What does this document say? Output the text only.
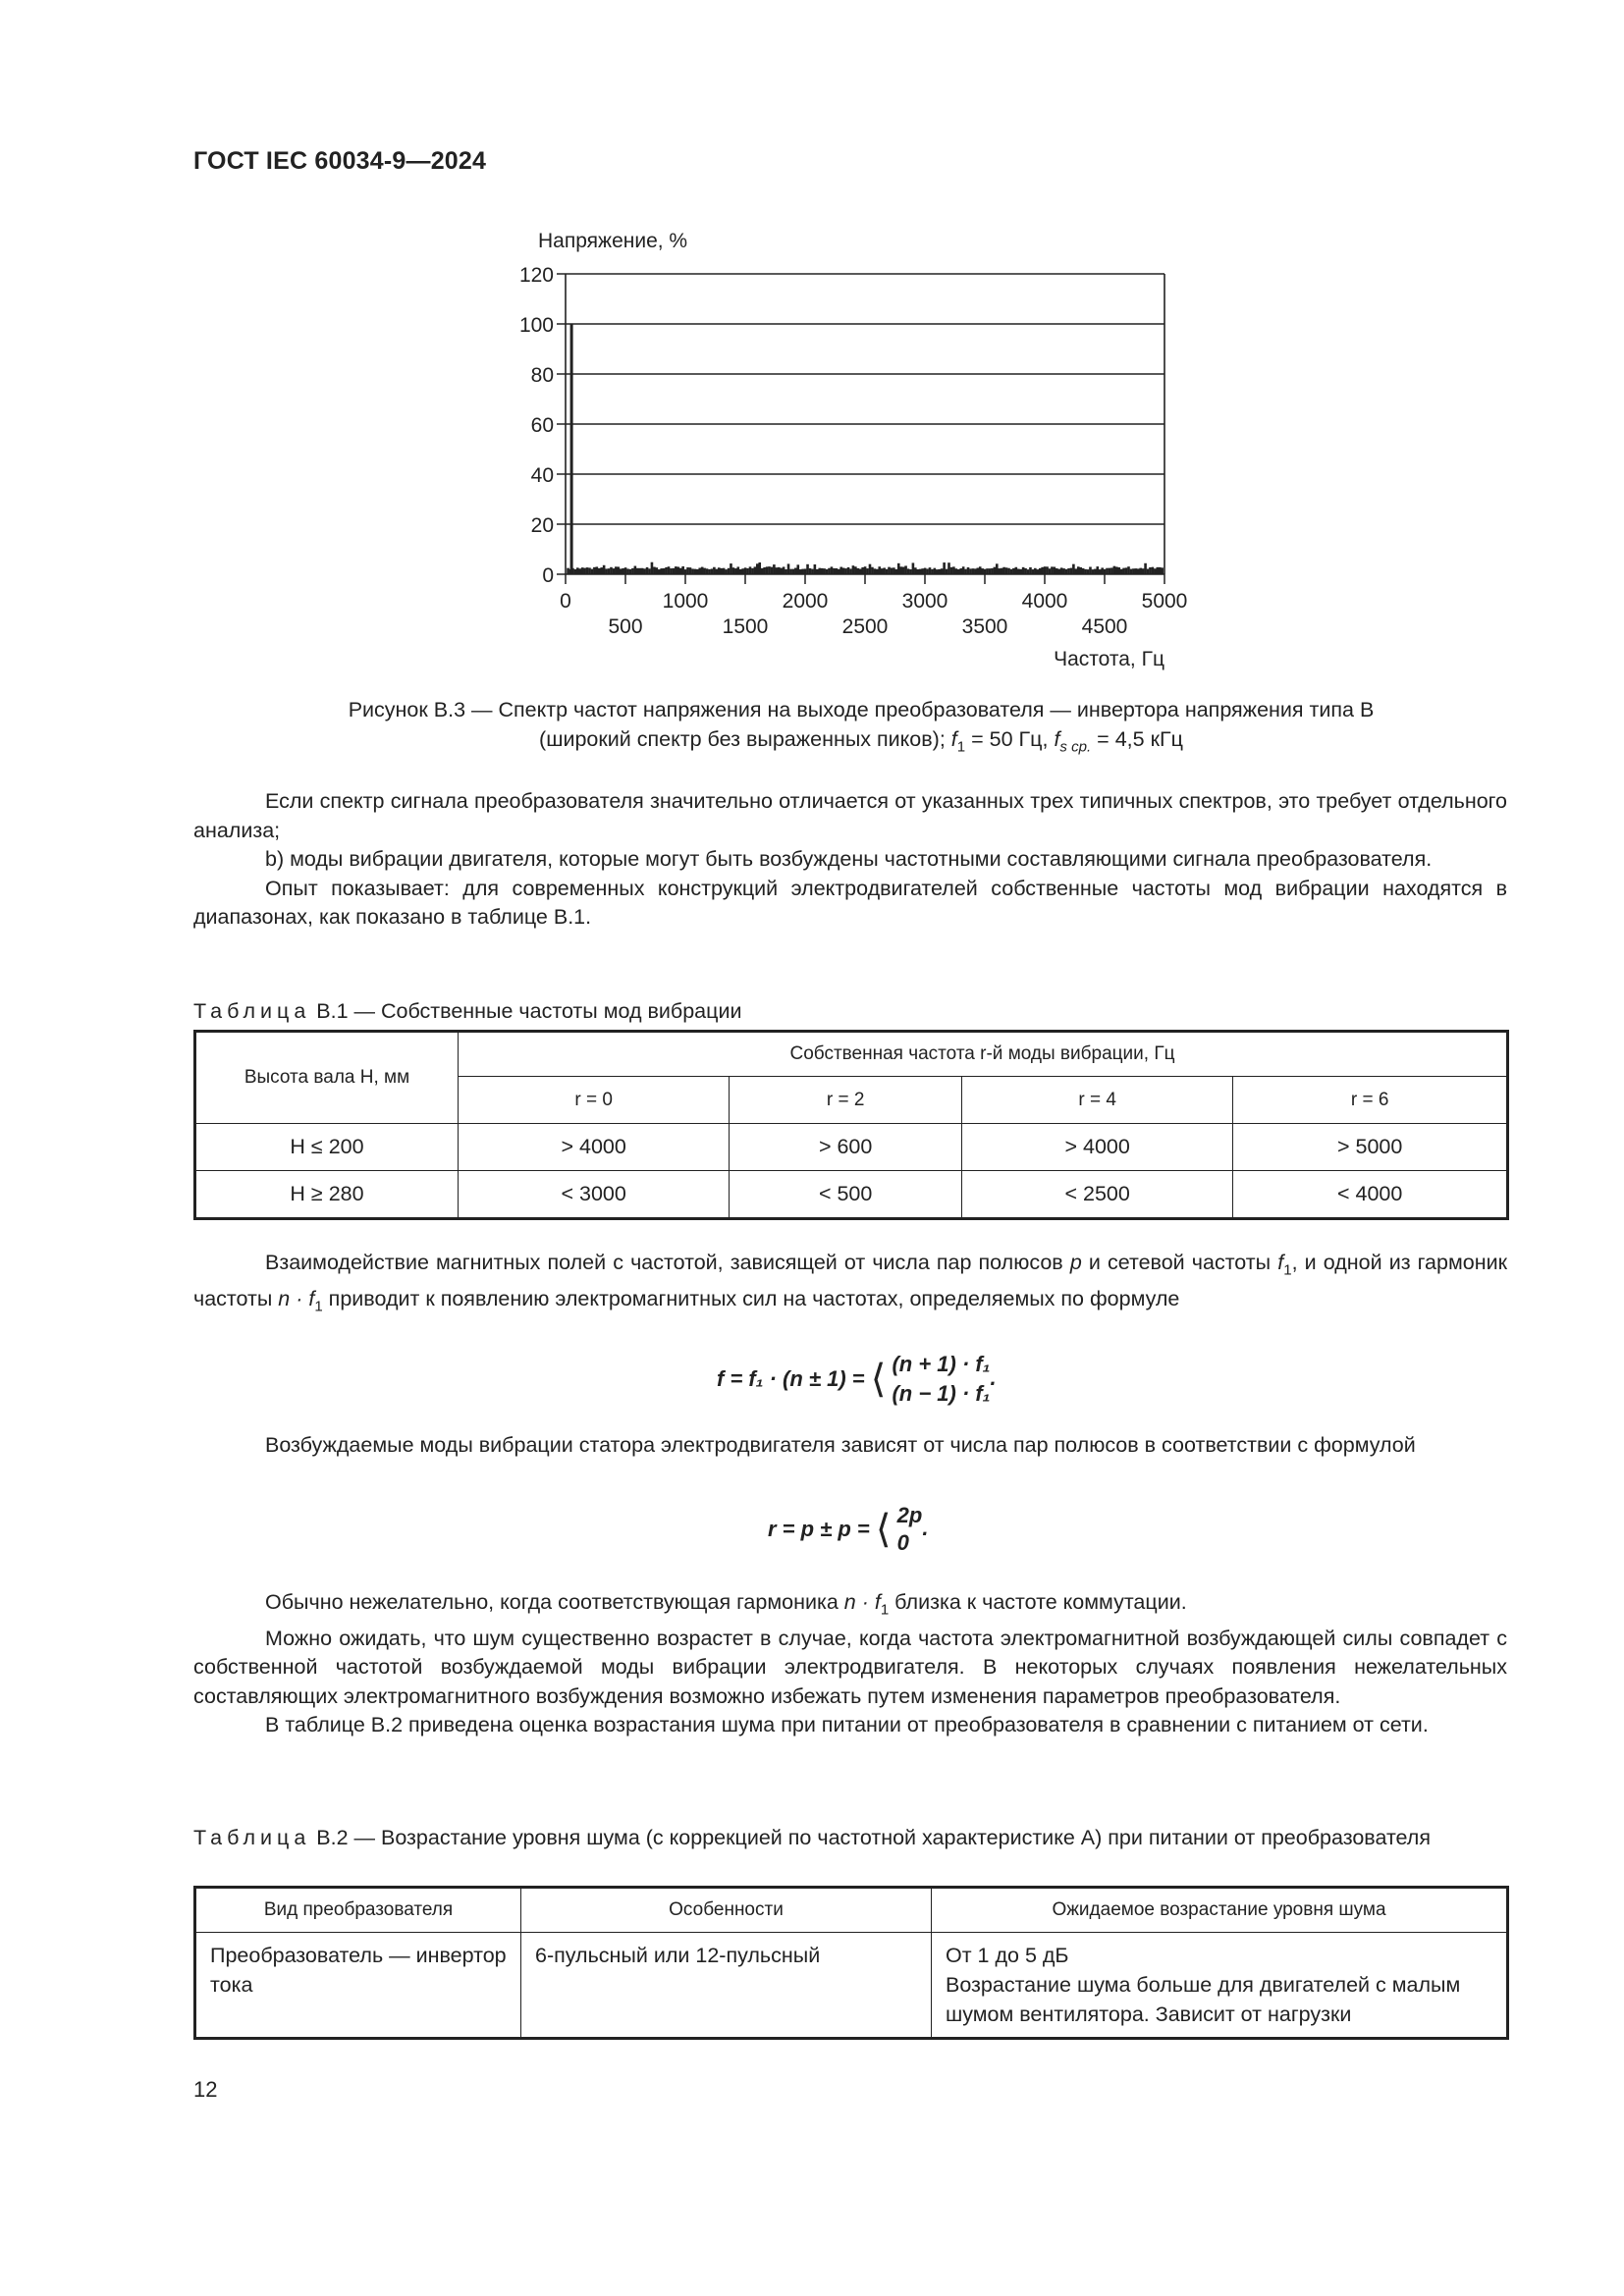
ГОСТ IEC 60034-9—2024
Напряжение, %
0
20
40
60
80
100
120
0	1000	2000	3000	4000	5000
500	1500	2500	3500	4500
Частота, Гц
Рисунок В.3 — Спектр частот напряжения на выходе преобразователя — инвертора напряжения типа В
(широкий спектр без выраженных пиков); $f_1 = 50$ Гц, $f_{s ср.} = 4,5$ кГц

Если спектр сигнала преобразователя значительно отличается от указанных трех типичных спектров, это требует отдельного анализа;

b) моды вибрации двигателя, которые могут быть возбуждены частотными составляющими сигнала преобразователя.

Опыт показывает: для современных конструкций электродвигателей собственные частоты мод вибрации находятся в диапазонах, как показано в таблице В.1.

Таблица В.1 — Собственные частоты мод вибрации
Высота вала Н, мм	Собственная частота r-й моды вибрации, Гц			
	r = 0	r = 2	r = 4	r = 6
Н ≤ 200	> 4000	> 600	> 4000	> 5000
Н ≥ 280	< 3000	< 500	< 2500	< 4000

Взаимодействие магнитных полей с частотой, зависящей от числа пар полюсов p и сетевой частоты $f_1$, и одной из гармоник частоты $n \cdot f_1$ приводит к появлению электромагнитных сил на частотах, определяемых по формуле

f = f₁ · (n ± 1) = ⟨ (n + 1) · f₁
(n − 1) · f₁
.

Возбуждаемые моды вибрации статора электродвигателя зависят от числа пар полюсов в соответствии с формулой

r = p ± p = ⟨ 2p
0
.

Обычно нежелательно, когда соответствующая гармоника $n \cdot f_1$ близка к частоте коммутации.

Можно ожидать, что шум существенно возрастет в случае, когда частота электромагнитной возбуждающей силы совпадет с собственной частотой возбуждаемой моды вибрации электродвигателя. В некоторых случаях появления нежелательных составляющих электромагнитного возбуждения возможно избежать путем изменения параметров преобразователя.

В таблице В.2 приведена оценка возрастания шума при питании от преобразователя в сравнении с питанием от сети.

Таблица В.2 — Возрастание уровня шума (с коррекцией по частотной характеристике А) при питании от преобразователя
Вид преобразователя	Особенности	Ожидаемое возрастание уровня шума
Преобразователь — инвертор тока	6-пульсный или 12-пульсный	От 1 до 5 дБ
Возрастание шума больше для двигателей с малым шумом вентилятора. Зависит от нагрузки
12
